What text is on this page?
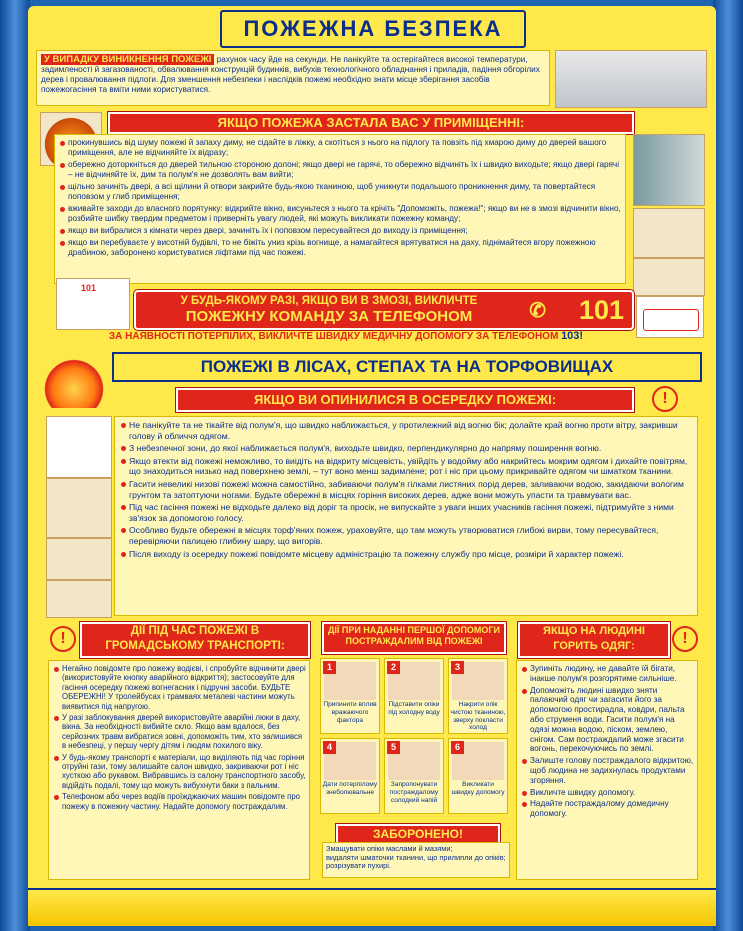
ПОЖЕЖНА БЕЗПЕКА
У ВИПАДКУ ВИНИКНЕННЯ ПОЖЕЖІ рахунок часу йде на секунди. Не панікуйте та остерігайтеся високої температури, задимленості й загазованості, обвалювання конструкцій будинків, вибухів технологічного обладнання і приладів, падіння обгорілих дерев і провалювання підлоги. Для зменшення небезпеки і наслідків пожежі необхідно знати місце зберігання засобів пожежогасіння та вміти ними користуватися.
ЯКЩО ПОЖЕЖА ЗАСТАЛА ВАС У ПРИМІЩЕННІ:
прокинувшись від шуму пожежі й запаху диму, не сідайте в ліжку, а скотіться з нього на підлогу та повзіть під хмарою диму до дверей вашого приміщення, але не відчиняйте їх відразу;
обережно доторкніться до дверей тильною стороною долоні; якщо двері не гарячі, то обережно відчиніть їх і швидко виходьте; якщо двері гарячі – не відчиняйте їх, дим та полум'я не дозволять вам вийти;
щільно зачиніть двері, а всі щілини й отвори закрийте будь-якою тканиною, щоб уникнути подальшого проникнення диму, та повертайтеся поповзом у глиб приміщення;
вживайте заходи до власного порятунку: відкрийте вікно, висуньтеся з нього та крічіть "Допоможіть, пожежа!"; якщо ви не в змозі відчинити вікно, розбийте шибку твердим предметом і приверніть увагу людей, які можуть викликати пожежну команду;
якщо ви вибралися з кімнати через двері, зачиніть їх і поповзом пересувайтеся до виходу із приміщення;
якщо ви перебуваєте у висотній будівлі, то не біжіть униз крізь вогнище, а намагайтеся врятуватися на даху, піднімайтеся вгору пожежною драбиною, заборонено користуватися ліфтами під час пожежі.
101
У БУДЬ-ЯКОМУ РАЗІ, ЯКЩО ВИ В ЗМОЗІ, ВИКЛИЧТЕ
ПОЖЕЖНУ КОМАНДУ ЗА ТЕЛЕФОНОМ	✆ 101
ЗА НАЯВНОСТІ ПОТЕРПІЛИХ, ВИКЛИЧТЕ ШВИДКУ МЕДИЧНУ ДОПОМОГУ ЗА ТЕЛЕФОНОМ 103!
ПОЖЕЖІ В ЛІСАХ, СТЕПАХ ТА НА ТОРФОВИЩАХ
ЯКЩО ВИ ОПИНИЛИСЯ В ОСЕРЕДКУ ПОЖЕЖІ:	!
Не панікуйте та не тікайте від полум'я, що швидко наближається, у протилежний від вогню бік; долайте край вогню проти вітру, закривши голову й обличчя одягом.
З небезпечної зони, до якої наближається полум'я, виходьте швидко, перпендикулярно до напряму поширення вогню.
Якщо втекти від пожежі неможливо, то виідіть на відкриту місцевість, увійдіть у водойму або накрийтесь мокрим одягом і дихайте повітрям, що знаходиться низько над поверхнею землі, – тут воно менш задимлене; рот і ніс при цьому прикривайте одягом чи шматком тканини.
Гасити невеликі низові пожежі можна самостійно, забиваючи полум'я гілками листяних порід дерев, заливаючи водою, закидаючи вологим грунтом та затоптуючи ногами. Будьте обережні в місцях горіння високих дерев, адже вони можуть упасти та травмувати вас.
Під час гасіння пожежі не відходьте далеко від доріг та просік, не випускайте з уваги інших учасників гасіння пожежі, підтримуйте з ними зв'язок за допомогою голосу.
Особливо будьте обережні в місцях торф'яних пожеж, ураховуйте, що там можуть утворюватися глибокі вирви, тому пересувайтеся, перевіряючи палицею глибину шару, що вигорів.
Після виходу із осередку пожежі повідомте місцеву адміністрацію та пожежну службу про місце, розміри й характер пожежі.
!	ДІЇ ПІД ЧАС ПОЖЕЖІ В ГРОМАДСЬКОМУ ТРАНСПОРТІ:
Негайно повідомте про пожежу водієві, і спробуйте відчинити двері (використовуйте кнопку аварійного відкриття); застосовуйте для гасіння осередку пожежі вогнегасник і підручні засоби. БУДЬТЕ ОБЕРЕЖНІ! У тролейбусах і трамваях металеві частини можуть виявитися під напругою.
У разі заблокування дверей використовуйте аварійні люки в даху, вікна. За необхідності вибийте скло. Якщо вам вдалося, без серйозних травм вибратися зовні, допоможіть тим, хто залишився в небезпеці, у першу чергу дітям і людям похилого віку.
У будь-якому транспорті є матеріали, що виділяють під час горіння отруйні гази, тому залишайте салон швидко, закриваючи рот і ніс хусткою або рукавом. Вибравшись із салону транспортного засобу, відійдіть подалі, тому що можуть вибухнути баки з пальним.
Телефоном або через водіїв проїжджаючих машин повідомте про пожежу в пожежну частину. Надайте допомогу постраждалим.
ДІЇ ПРИ НАДАННІ ПЕРШОЇ ДОПОМОГИ ПОСТРАЖДАЛИМ ВІД ПОЖЕЖІ
1
Припинити вплив вражаючого фактора
2
Підставити опіки під холодну воду
3
Накрити опік чистою тканиною, зверху покласти холод
4
Дати потерпілому знеболювальне
5
Запропонувати постраждалому солодкий напій
6
Викликати швидку допомогу
ЗАБОРОНЕНО!
Змащувати опіки маслами й мазями;
видаляти шматочки тканини, що прилипли до опіків;
розрізувати пухирі.
ЯКЩО НА ЛЮДИНІ ГОРИТЬ ОДЯГ:	!
Зупиніть людину, не давайте їй бігати, інакше полум'я розгорятиме сильніше.
Допоможіть людині швидко зняти палаючий одяг чи загасити його за допомогою простирадла, ковдри, пальта або струменя води. Гасити полум'я на одязі можна водою, піском, землею, снігом. Сам постраждалий може згасити вогонь, перекочуючись по землі.
Залиште голову постраждалого відкритою, щоб людина не задихнулась продуктами згоряння.
Викличте швидку допомогу.
Надайте постраждалому домедичну допомогу.
